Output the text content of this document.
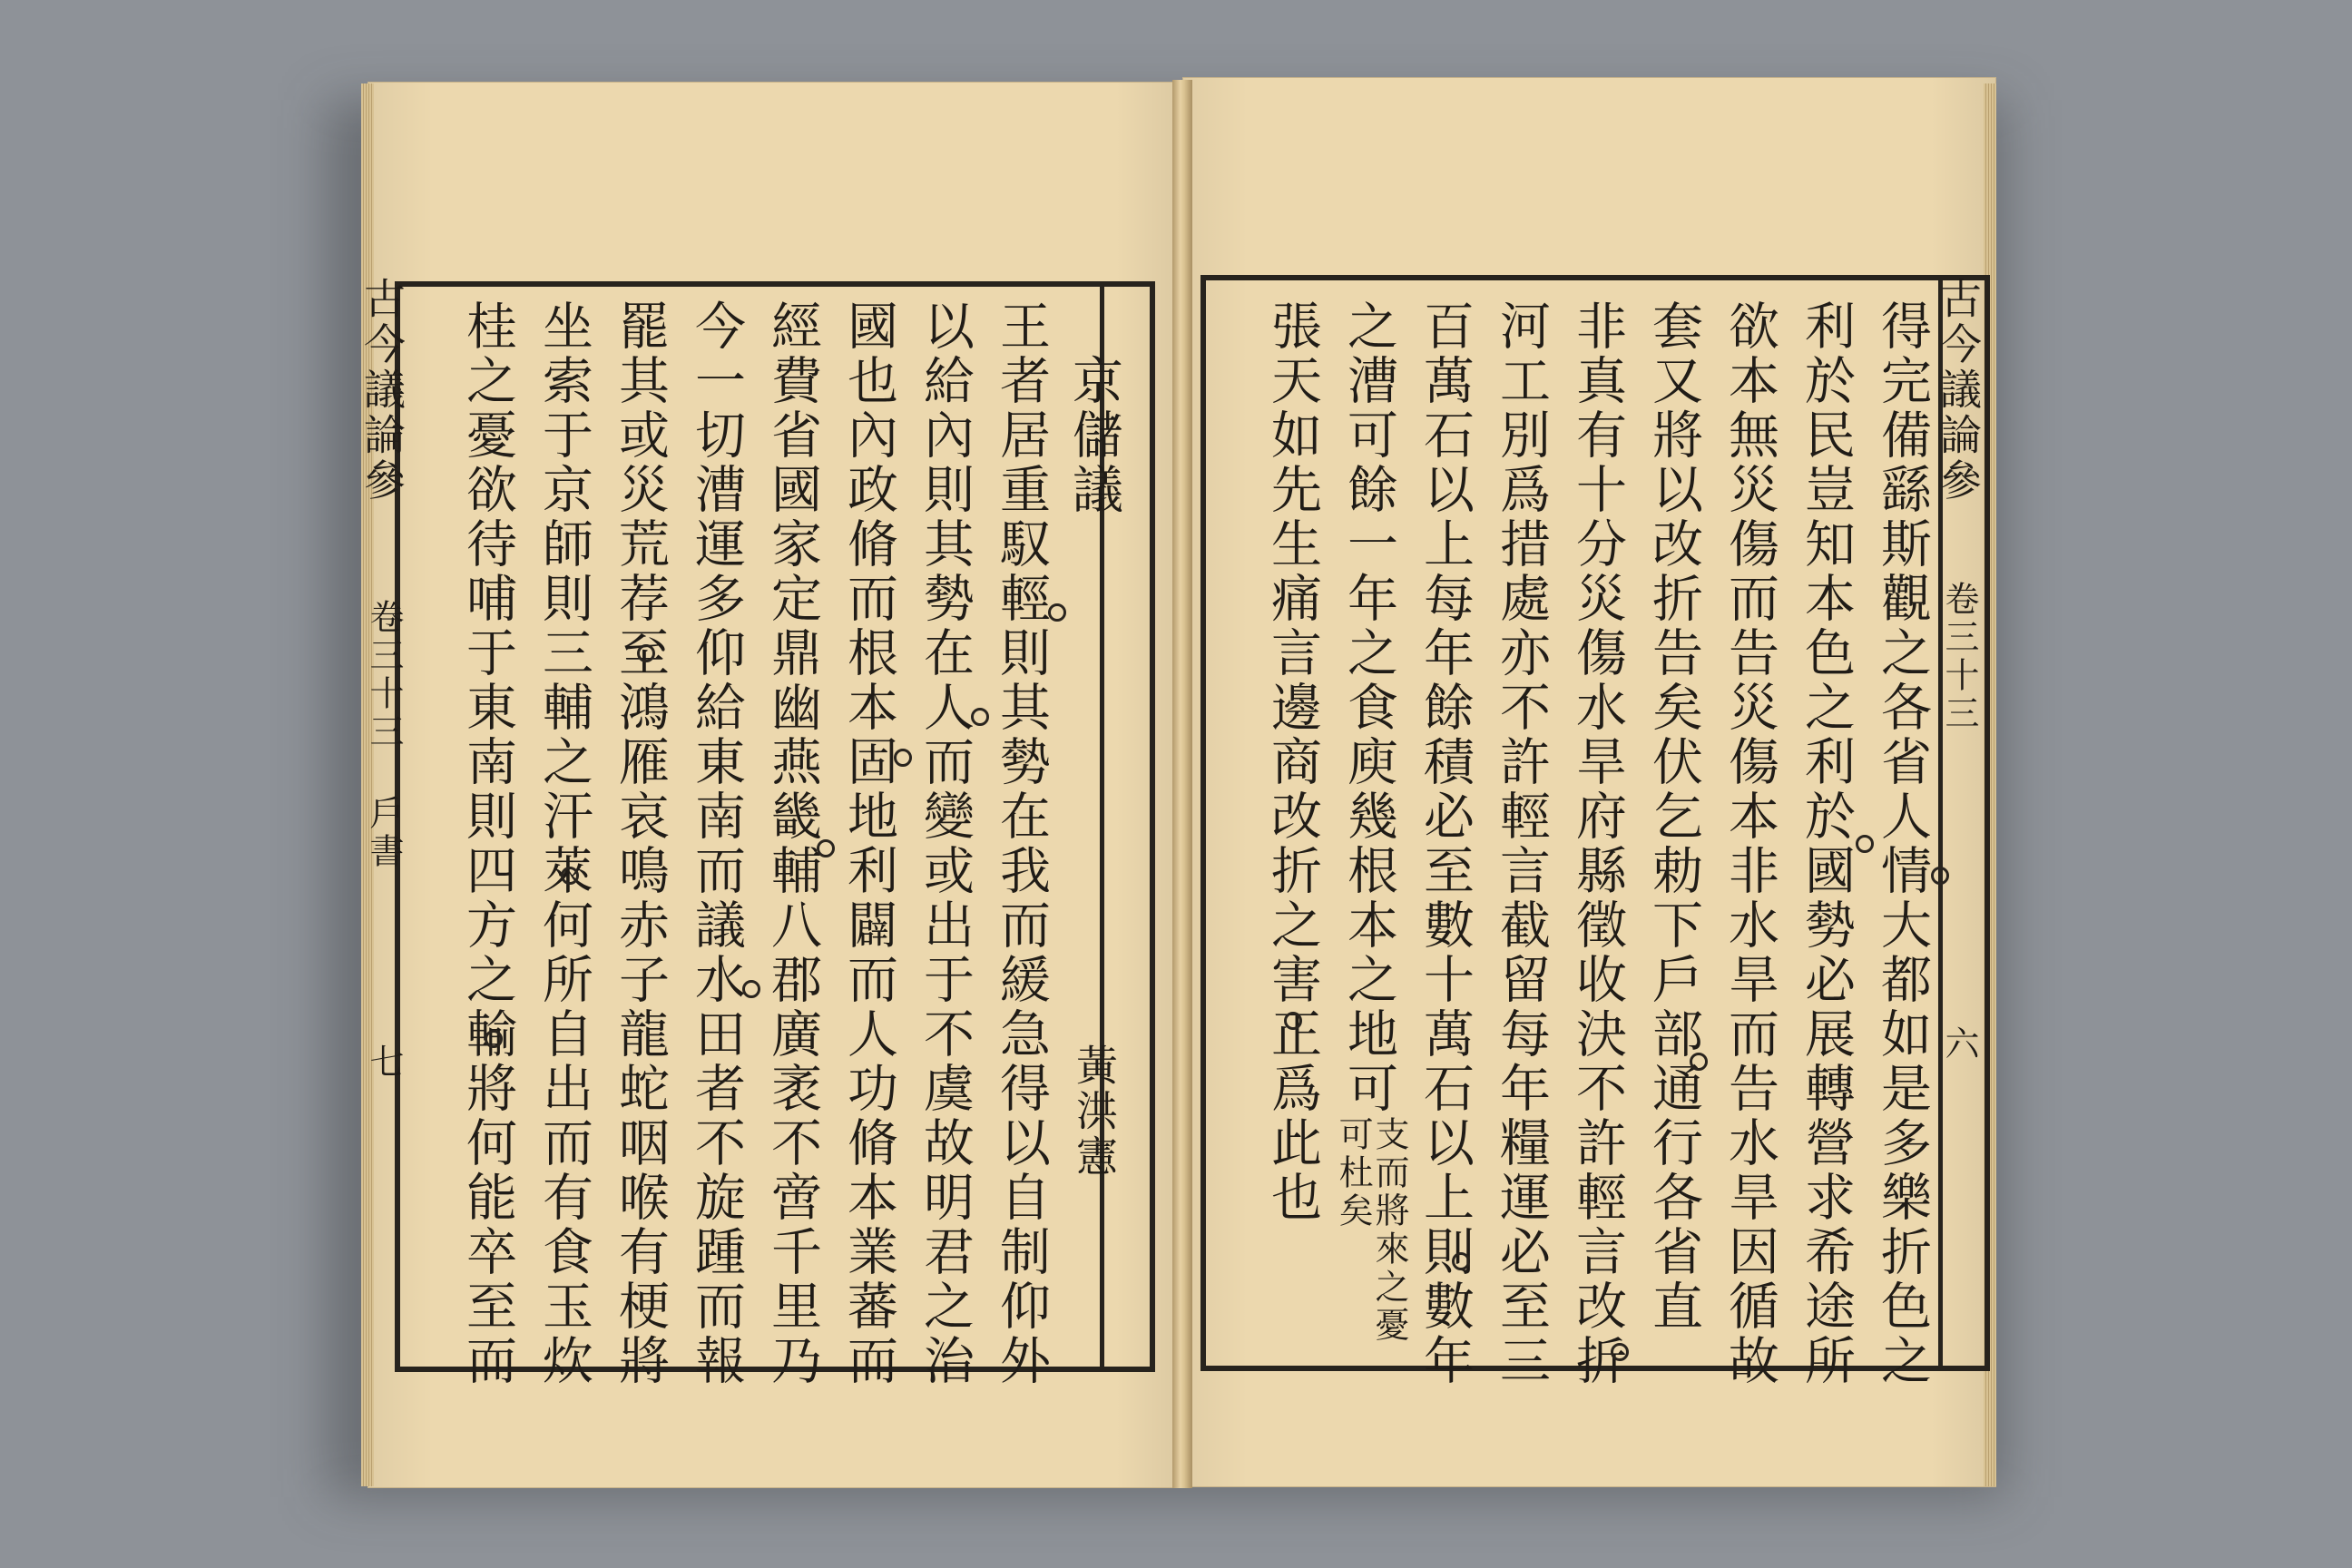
古今議論參
卷三十三 戶書
七
京儲議
黃洪憲
王者居重馭輕則其勢在我而緩急得以自制仰外
以給內則其勢在人而變或出于不虞故明君之治
國也內政脩而根本固地利闢而人功脩本業蕃而
經費省國家定鼎幽燕畿輔八郡廣袤不啻千里乃
今一切漕運多仰給東南而議水田者不旋踵而報
罷其或災荒荐至鴻雁哀鳴赤子龍蛇咽喉有梗將
坐索于京師則三輔之汗萊何所自出而有食玉炊
桂之憂欲待哺于東南則四方之輸將何能卒至而	古今議論參
卷三十三
六
得完備繇斯觀之各省人情大都如是多樂折色之
利於民豈知本色之利於國勢必展轉營求希途所
欲本無災傷而告災傷本非水旱而告水旱因循故
套又將以改折告矣伏乞勅下戶部通行各省直
非真有十分災傷水旱府縣徵收決不許輕言改折
河工別爲措處亦不許輕言截留每年糧運必至三
百萬石以上每年餘積必至數十萬石以上則數年
之漕可餘一年之食庾幾根本之地可
張天如先生痛言邊商改折之害正爲此也
支而將來之憂可杜矣
